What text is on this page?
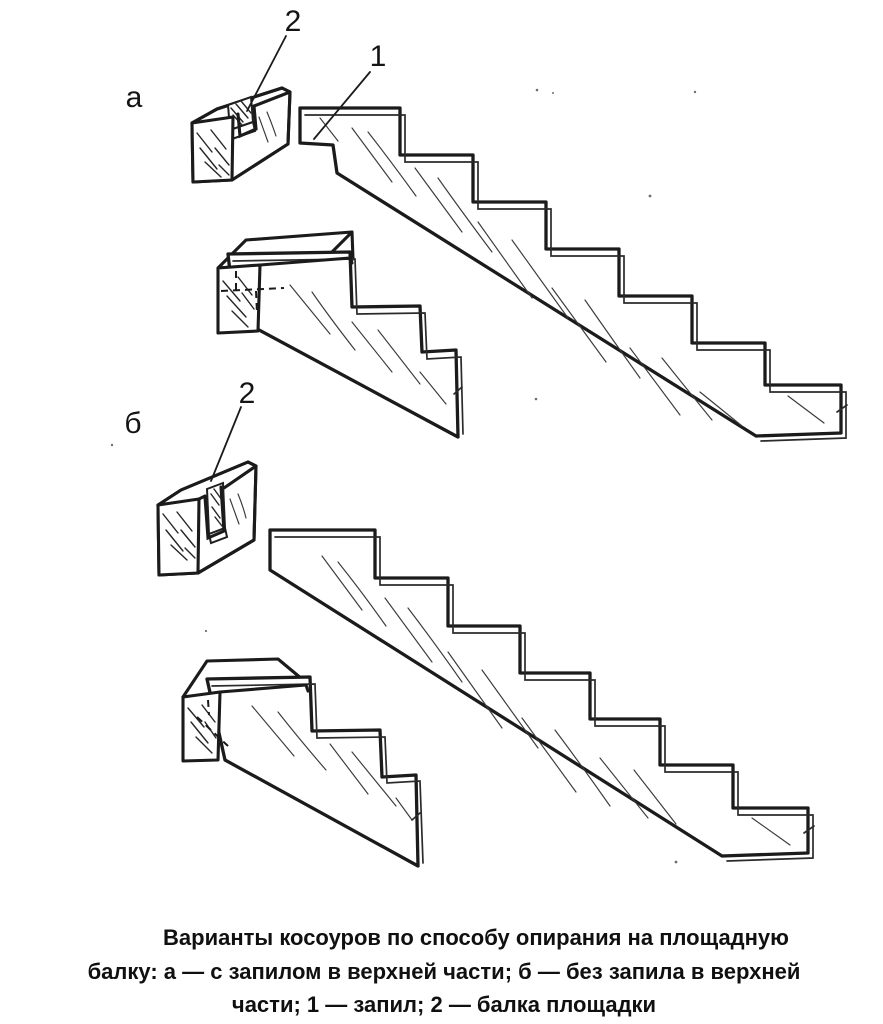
а
2
1
б
2
Варианты косоуров по способу опирания на площадную
балку: а — с запилом в верхней части; б — без запила в верхней
части; 1 — запил; 2 — балка площадки
